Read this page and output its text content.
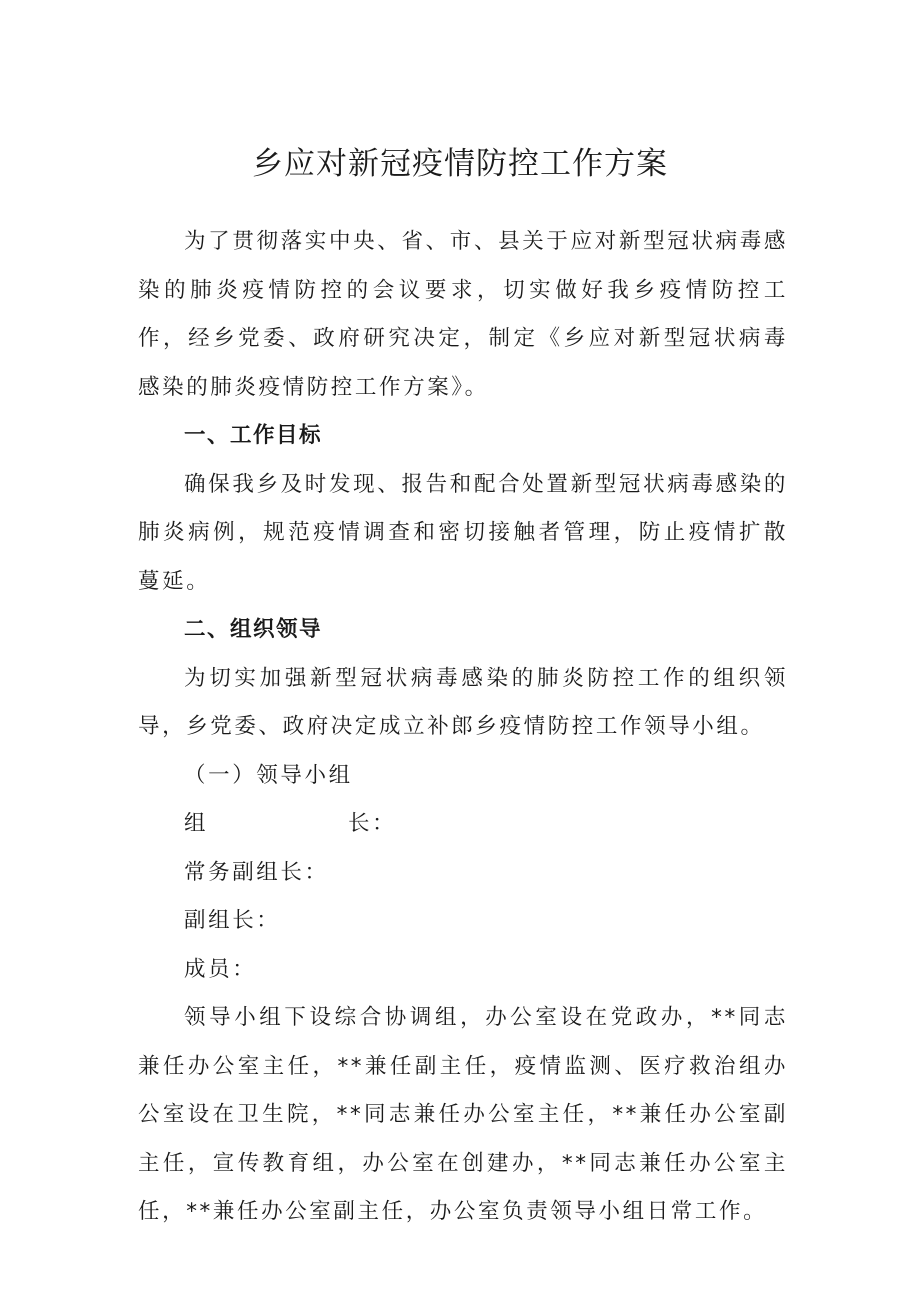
乡应对新冠疫情防控工作方案

为了贯彻落实中央、省、市、县关于应对新型冠状病毒感染的肺炎疫情防控的会议要求，切实做好我乡疫情防控工作，经乡党委、政府研究决定，制定《乡应对新型冠状病毒感染的肺炎疫情防控工作方案》。

一、工作目标

确保我乡及时发现、报告和配合处置新型冠状病毒感染的肺炎病例，规范疫情调查和密切接触者管理，防止疫情扩散蔓延。

二、组织领导

为切实加强新型冠状病毒感染的肺炎防控工作的组织领导，乡党委、政府决定成立补郎乡疫情防控工作领导小组。

（一）领导小组

组	长：

常务副组长：

副组长：

成员：

领导小组下设综合协调组，办公室设在党政办，**同志兼任办公室主任，**兼任副主任，疫情监测、医疗救治组办公室设在卫生院，**同志兼任办公室主任，**兼任办公室副主任，宣传教育组，办公室在创建办，**同志兼任办公室主任，**兼任办公室副主任，办公室负责领导小组日常工作。
